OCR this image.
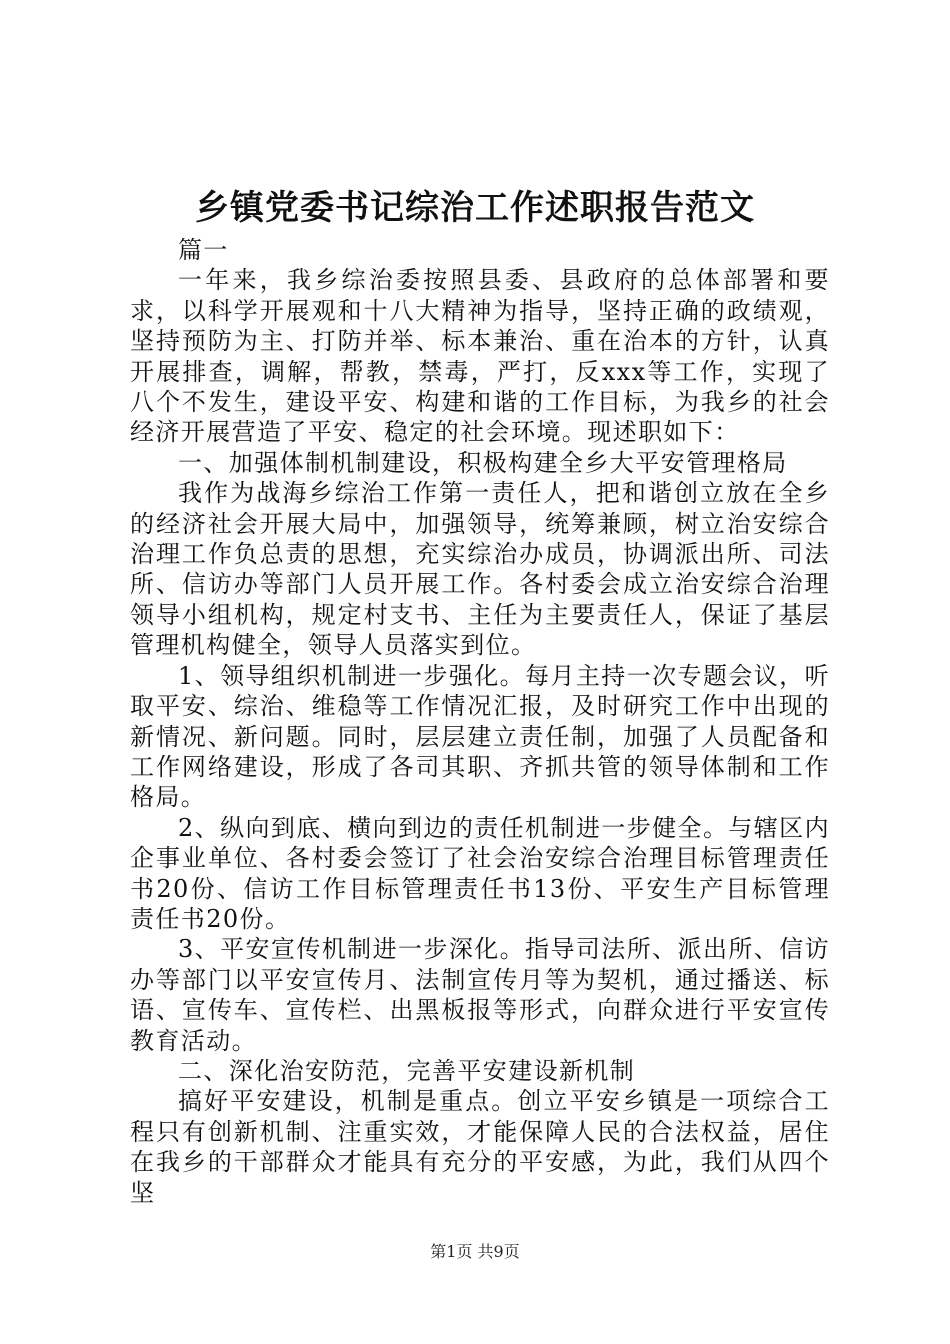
乡镇党委书记综治工作述职报告范文

篇一

一年来，我乡综治委按照县委、县政府的总体部署和要求，以科学开展观和十八大精神为指导，坚持正确的政绩观，坚持预防为主、打防并举、标本兼治、重在治本的方针，认真开展排查，调解，帮教，禁毒，严打，反xxx等工作，实现了八个不发生，建设平安、构建和谐的工作目标，为我乡的社会经济开展营造了平安、稳定的社会环境。现述职如下：

一、加强体制机制建设，积极构建全乡大平安管理格局

我作为战海乡综治工作第一责任人，把和谐创立放在全乡的经济社会开展大局中，加强领导，统筹兼顾，树立治安综合治理工作负总责的思想，充实综治办成员，协调派出所、司法所、信访办等部门人员开展工作。各村委会成立治安综合治理领导小组机构，规定村支书、主任为主要责任人，保证了基层管理机构健全，领导人员落实到位。

1、领导组织机制进一步强化。每月主持一次专题会议，听取平安、综治、维稳等工作情况汇报，及时研究工作中出现的新情况、新问题。同时，层层建立责任制，加强了人员配备和工作网络建设，形成了各司其职、齐抓共管的领导体制和工作格局。

2、纵向到底、横向到边的责任机制进一步健全。与辖区内企事业单位、各村委会签订了社会治安综合治理目标管理责任书20份、信访工作目标管理责任书13份、平安生产目标管理责任书20份。

3、平安宣传机制进一步深化。指导司法所、派出所、信访办等部门以平安宣传月、法制宣传月等为契机，通过播送、标语、宣传车、宣传栏、出黑板报等形式，向群众进行平安宣传教育活动。

二、深化治安防范，完善平安建设新机制

搞好平安建设，机制是重点。创立平安乡镇是一项综合工程只有创新机制、注重实效，才能保障人民的合法权益，居住在我乡的干部群众才能具有充分的平安感，为此，我们从四个坚

第1页 共9页
